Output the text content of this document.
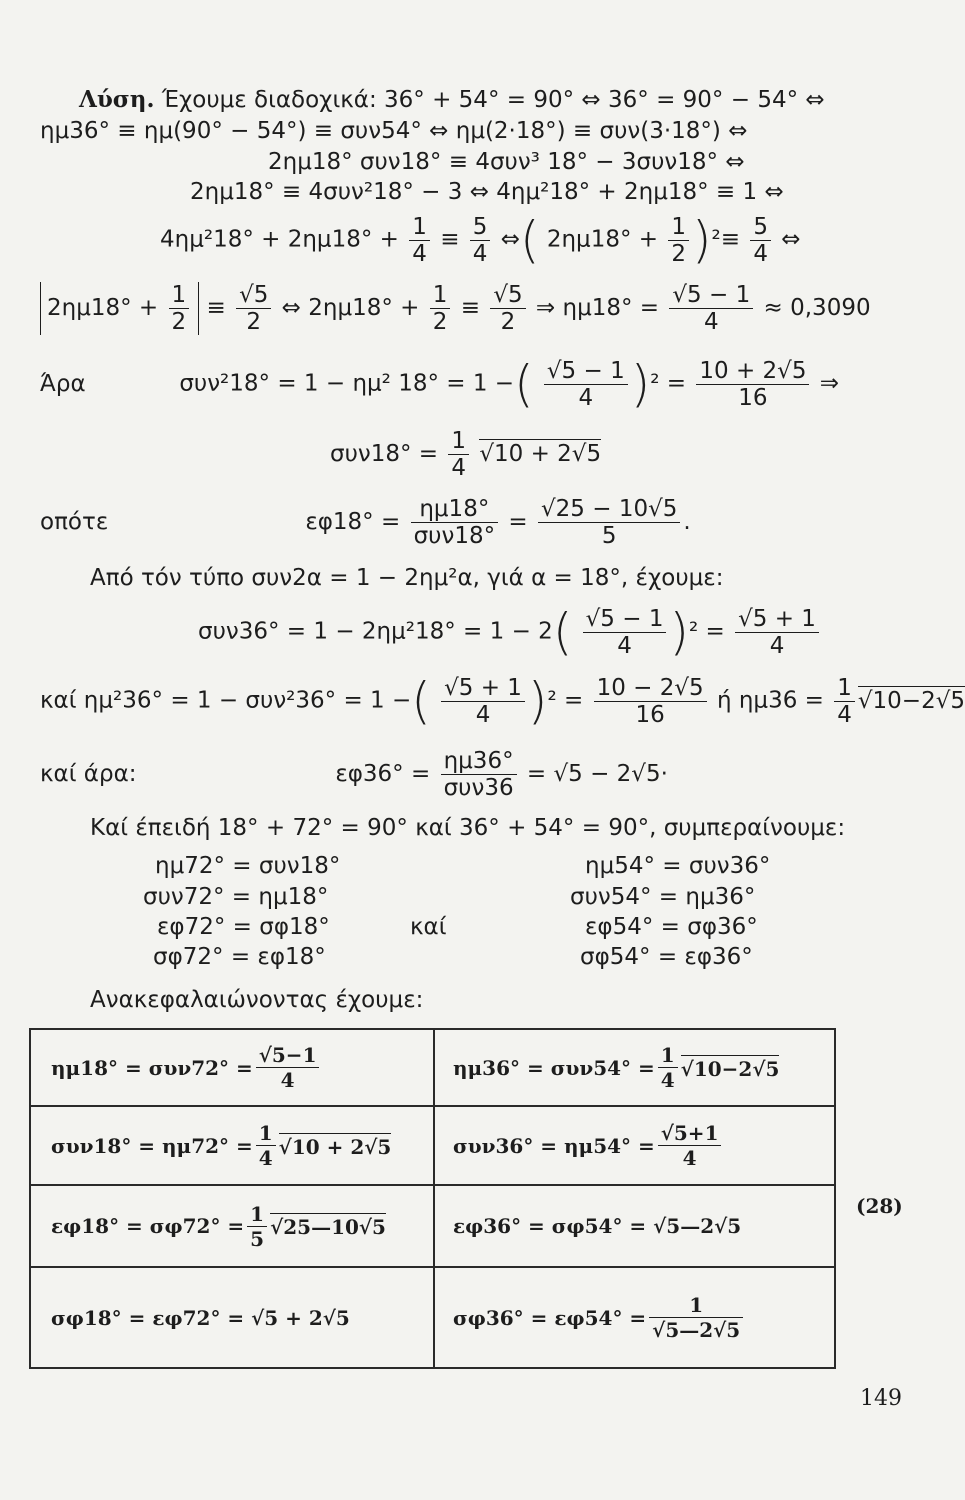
Λύση. Έχουμε διαδοχικά: 36° + 54° = 90° ⇔ 36° = 90° − 54° ⇔
ημ36° ≡ ημ(90° − 54°) ≡ συν54° ⇔ ημ(2·18°) ≡ συν(3·18°) ⇔
2ημ18° συν18° ≡ 4συν³ 18° − 3συν18° ⇔
2ημ18° ≡ 4συν²18° − 3 ⇔ 4ημ²18° + 2ημ18° ≡ 1 ⇔
$4\eta\mu^218^\circ + 2\eta\mu 18^\circ + \frac{1}{4} \equiv \frac{5}{4}$ ⇔( $2\eta\mu 18^\circ + \frac{1}{2} )^2\equiv \frac{5}{4}$ ⇔
$2\eta\mu 18^\circ + \frac{1}{2} \equiv \frac{√5}{2}$ ⇔ $2\eta\mu 18^\circ + \frac{1}{2} \equiv \frac{√5}{2}$ ⇒ $\eta\mu 18^\circ = \frac{√5 - 1}{4} \approx 0,3090$
Άρα	συν²18° = 1 − ημ² 18° = 1 −( $\frac{√5 - 1}{4} )^2 = \frac{10 + 2√5}{16}$ ⇒
$\sigma\upsilon\nu 18^\circ = \frac{1}{4} √10 + 2√5$
οπότε	εφ18° = ημ18°
συν18°
= $\frac{√25 - 10√5}{5}$ .
Από τόν τύπο συν2α = 1 − 2ημ²α, γιά α = 18°, έχουμε:
$\sigma\upsilon\nu 36^\circ = 1 - 2\eta\mu^218^\circ = 1 - 2( \frac{√5 - 1}{4} )^2 = \frac{√5 + 1}{4}$
καί ημ²36° = 1 − συν²36° = 1 −( $\frac{√5 + 1}{4} )^2 = \frac{10 - 2√5}{16}$ ή $\eta\mu 36 = \frac{1}{4} √10-2√5$
καί άρα:	εφ36° = ημ36°
συν36
= √5 − 2√5·
Καί έπειδή 18° + 72° = 90° καί 36° + 54° = 90°, συμπεραίνουμε:
ημ72° = συν18°
συν72° = ημ18°
εφ72° = σφ18°
σφ72° = εφ18°
καί
ημ54° = συν36°
συν54° = ημ36°
εφ54° = σφ36°
σφ54° = εφ36°
Ανακεφαλαιώνοντας έχουμε:
$\eta\mu 18^\circ = \sigma\upsilon\nu 72^\circ = \frac{√5-1}{4}$	$\eta\mu 36^\circ = \sigma\upsilon\nu 54^\circ = \frac{1}{4} √10-2√5$
$\sigma\upsilon\nu 18^\circ = \eta\mu 72^\circ = \frac{1}{4} √10 + 2√5$	$\sigma\upsilon\nu 36^\circ = \eta\mu 54^\circ = \frac{√5+1}{4}$
$\varepsilon\varphi 18^\circ = \sigma\varphi 72^\circ = \frac{1}{5}$ √25—10√5	εφ36° = σφ54° = √5—2√5
σφ18° = εφ72° = √5 + 2√5	$\sigma\varphi 36^\circ = \varepsilon\varphi 54^\circ = \frac{1}{√5—2√5}$
(28)
149
